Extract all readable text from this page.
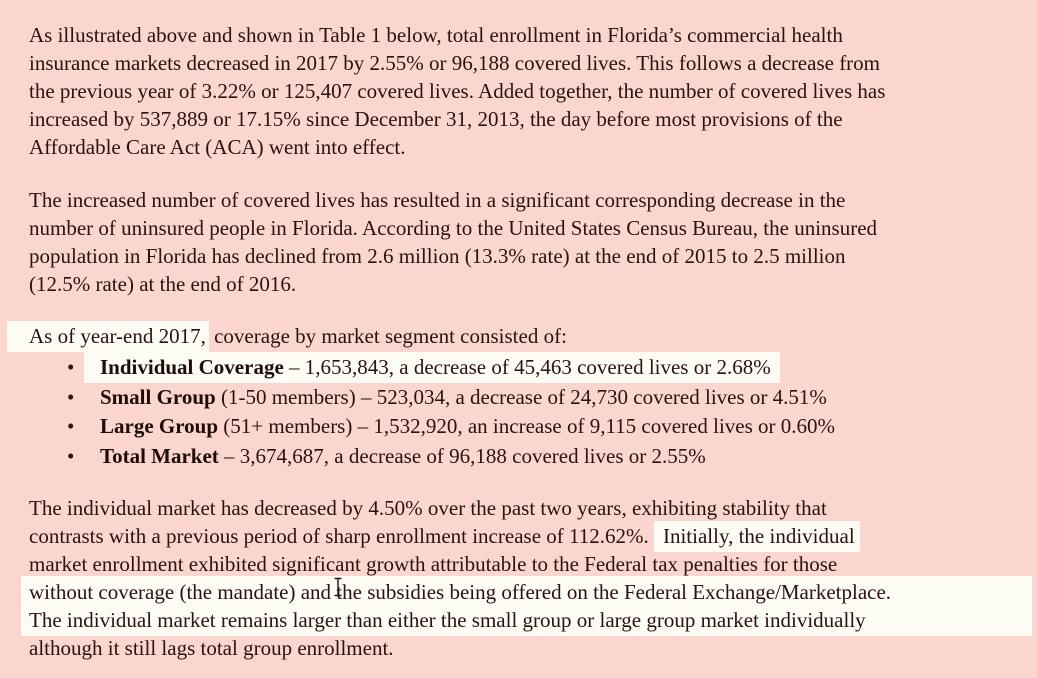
As illustrated above and shown in Table 1 below, total enrollment in Florida’s commercial health
insurance markets decreased in 2017 by 2.55% or 96,188 covered lives. This follows a decrease from
the previous year of 3.22% or 125,407 covered lives. Added together, the number of covered lives has
increased by 537,889 or 17.15% since December 31, 2013, the day before most provisions of the
Affordable Care Act (ACA) went into effect.
The increased number of covered lives has resulted in a significant corresponding decrease in the
number of uninsured people in Florida. According to the United States Census Bureau, the uninsured
population in Florida has declined from 2.6 million (13.3% rate) at the end of 2015 to 2.5 million
(12.5% rate) at the end of 2016.
As of year-end 2017, coverage by market segment consisted of:
• Individual Coverage – 1,653,843, a decrease of 45,463 covered lives or 2.68%
• Small Group (1-50 members) – 523,034, a decrease of 24,730 covered lives or 4.51%
• Large Group (51+ members) – 1,532,920, an increase of 9,115 covered lives or 0.60%
• Total Market – 3,674,687, a decrease of 96,188 covered lives or 2.55%
The individual market has decreased by 4.50% over the past two years, exhibiting stability that
contrasts with a previous period of sharp enrollment increase of 112.62%. Initially, the individual
market enrollment exhibited significant growth attributable to the Federal tax penalties for those
without coverage (the mandate) and the subsidies being offered on the Federal Exchange/Marketplace.
The individual market remains larger than either the small group or large group market individually
although it still lags total group enrollment.
